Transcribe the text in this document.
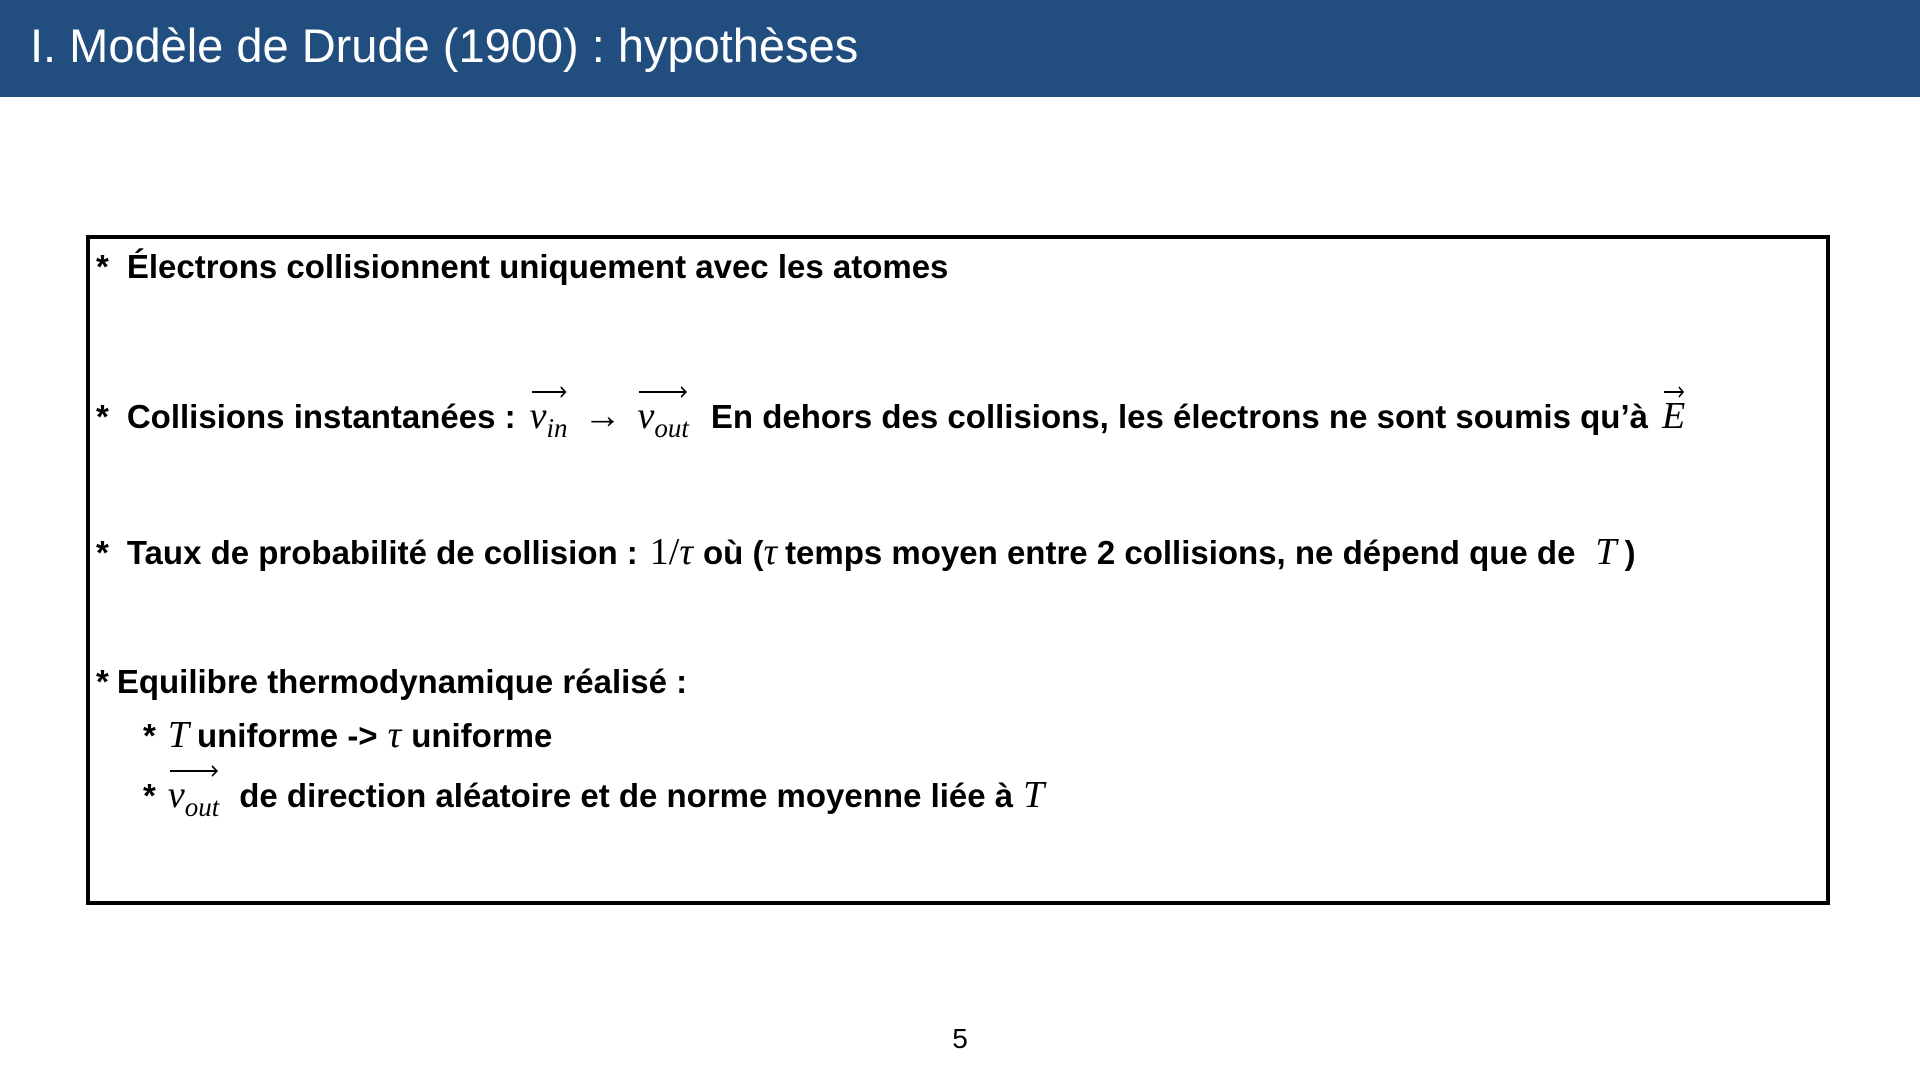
I. Modèle de Drude (1900) : hypothèses
* Électrons collisionnent uniquement avec les atomes
* Collisions instantanées : $v_{in} \to v_{out}$ En dehors des collisions, les électrons ne sont soumis qu’à E
* Taux de probabilité de collision : 1/ τ où ( τ temps moyen entre 2 collisions, ne dépend que de T )
* Equilibre thermodynamique réalisé :
* T uniforme -> τ uniforme
* $v_{out}$ de direction aléatoire et de norme moyenne liée à T
5
